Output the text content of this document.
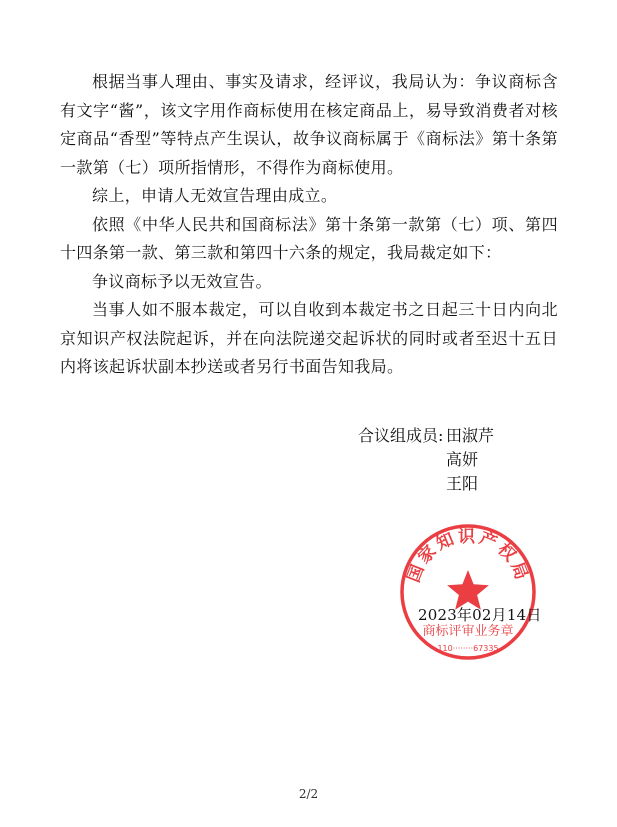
根据当事人理由、事实及请求，经评议，我局认为：争议商标含有文字“酱”，该文字用作商标使用在核定商品上，易导致消费者对核定商品“香型”等特点产生误认，故争议商标属于《商标法》第十条第一款第（七）项所指情形，不得作为商标使用。

综上，申请人无效宣告理由成立。

依照《中华人民共和国商标法》第十条第一款第（七）项、第四十四条第一款、第三款和第四十六条的规定，我局裁定如下：

争议商标予以无效宣告。

当事人如不服本裁定，可以自收到本裁定书之日起三十日内向北京知识产权法院起诉，并在向法院递交起诉状的同时或者至迟十五日内将该起诉状副本抄送或者另行书面告知我局。

合议组成员: 田淑芹
高妍
王阳
国家知识产权局
商标评审业务章
110········67335
2023年02月14日
2/2
